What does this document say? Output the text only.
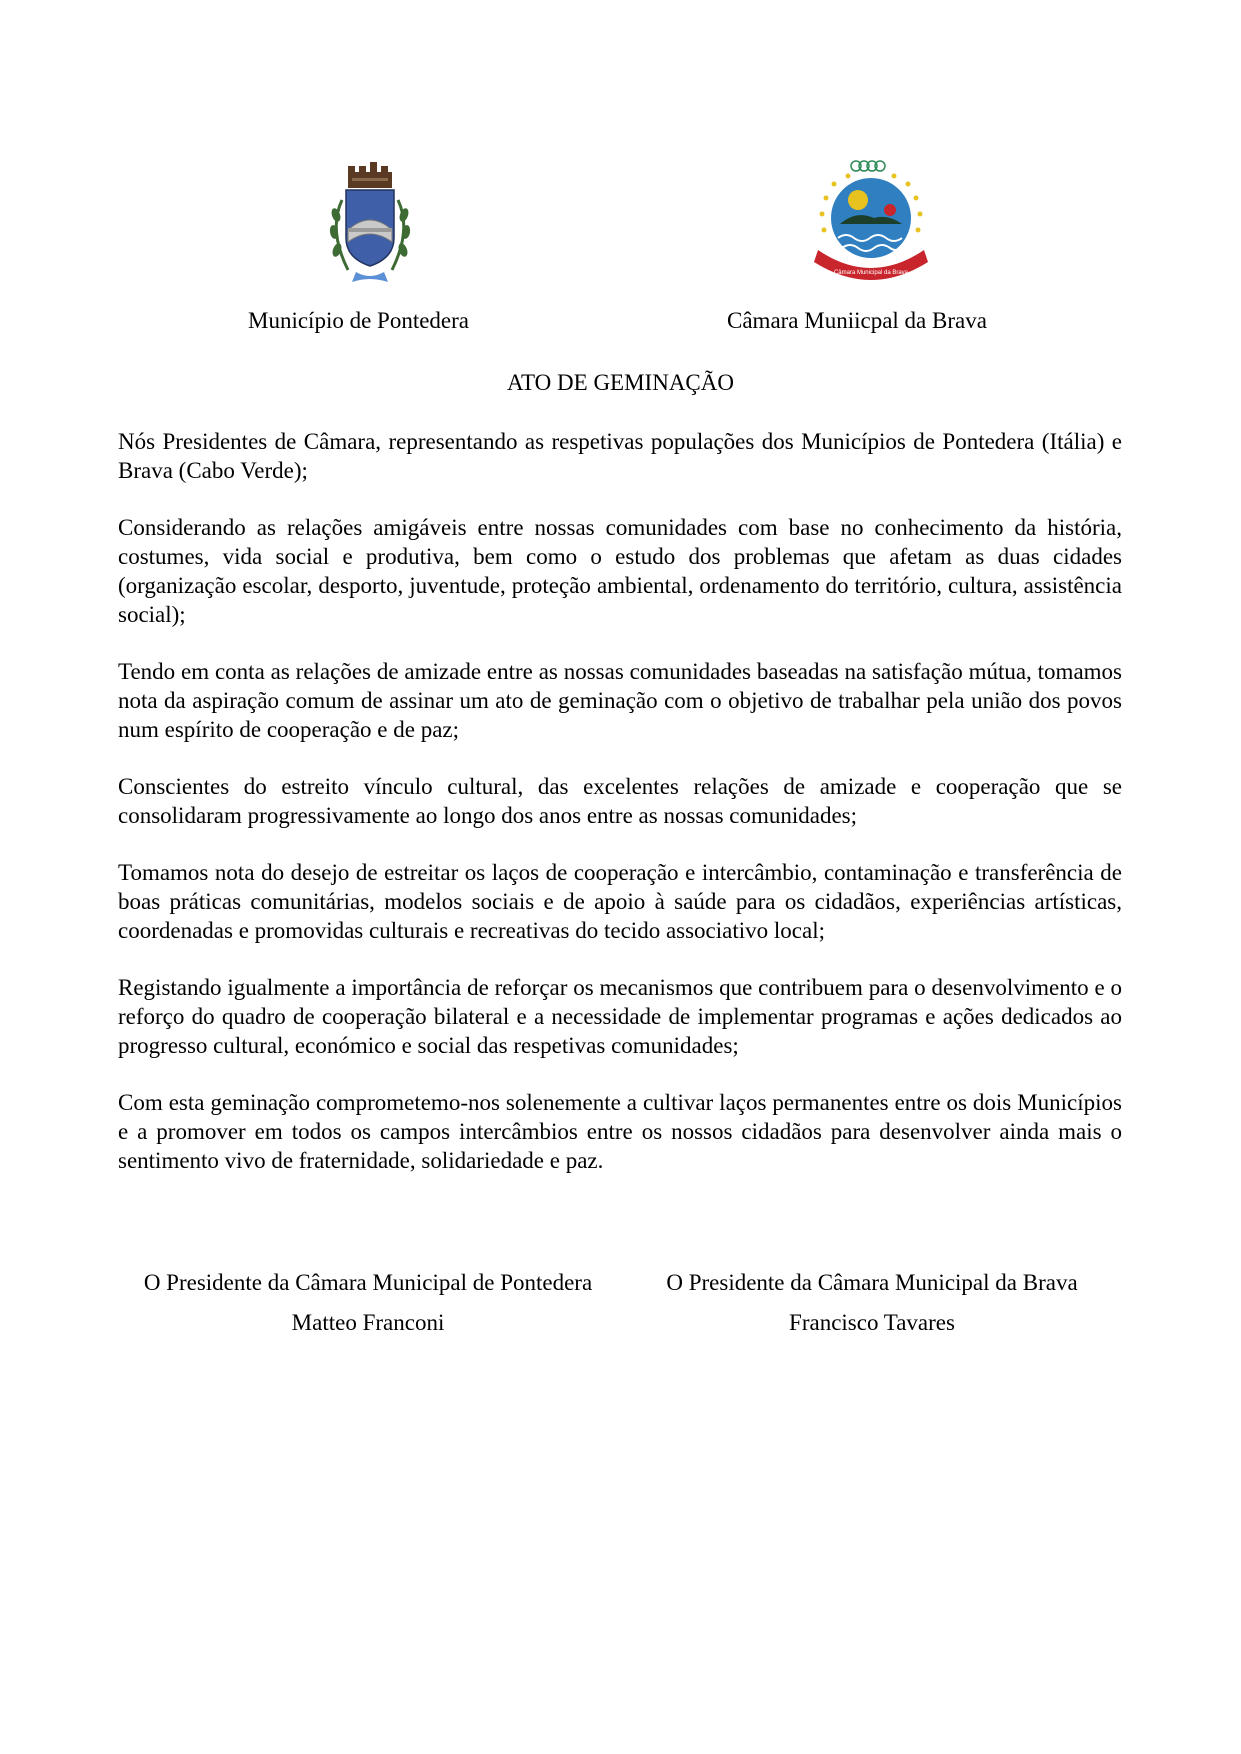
Câmara Municipal da Brava
Município de Pontedera	Câmara Muniicpal da Brava
ATO DE GEMINAÇÃO

Nós Presidentes de Câmara, representando as respetivas populações dos Municípios de Pontedera (Itália) e Brava (Cabo Verde);

Considerando as relações amigáveis entre nossas comunidades com base no conhecimento da história, costumes, vida social e produtiva, bem como o estudo dos problemas que afetam as duas cidades (organização escolar, desporto, juventude, proteção ambiental, ordenamento do território, cultura, assistência social);

Tendo em conta as relações de amizade entre as nossas comunidades baseadas na satisfação mútua, tomamos nota da aspiração comum de assinar um ato de geminação com o objetivo de trabalhar pela união dos povos num espírito de cooperação e de paz;

Conscientes do estreito vínculo cultural, das excelentes relações de amizade e cooperação que se consolidaram progressivamente ao longo dos anos entre as nossas comunidades;

Tomamos nota do desejo de estreitar os laços de cooperação e intercâmbio, contaminação e transferência de boas práticas comunitárias, modelos sociais e de apoio à saúde para os cidadãos, experiências artísticas, coordenadas e promovidas culturais e recreativas do tecido associativo local;

Registando igualmente a importância de reforçar os mecanismos que contribuem para o desenvolvimento e o reforço do quadro de cooperação bilateral e a necessidade de implementar programas e ações dedicados ao progresso cultural, económico e social das respetivas comunidades;

Com esta geminação comprometemo-nos solenemente a cultivar laços permanentes entre os dois Municípios e a promover em todos os campos intercâmbios entre os nossos cidadãos para desenvolver ainda mais o sentimento vivo de fraternidade, solidariedade e paz.

O Presidente da Câmara Municipal de Pontedera
Matteo Franconi
O Presidente da Câmara Municipal da Brava
Francisco Tavares
